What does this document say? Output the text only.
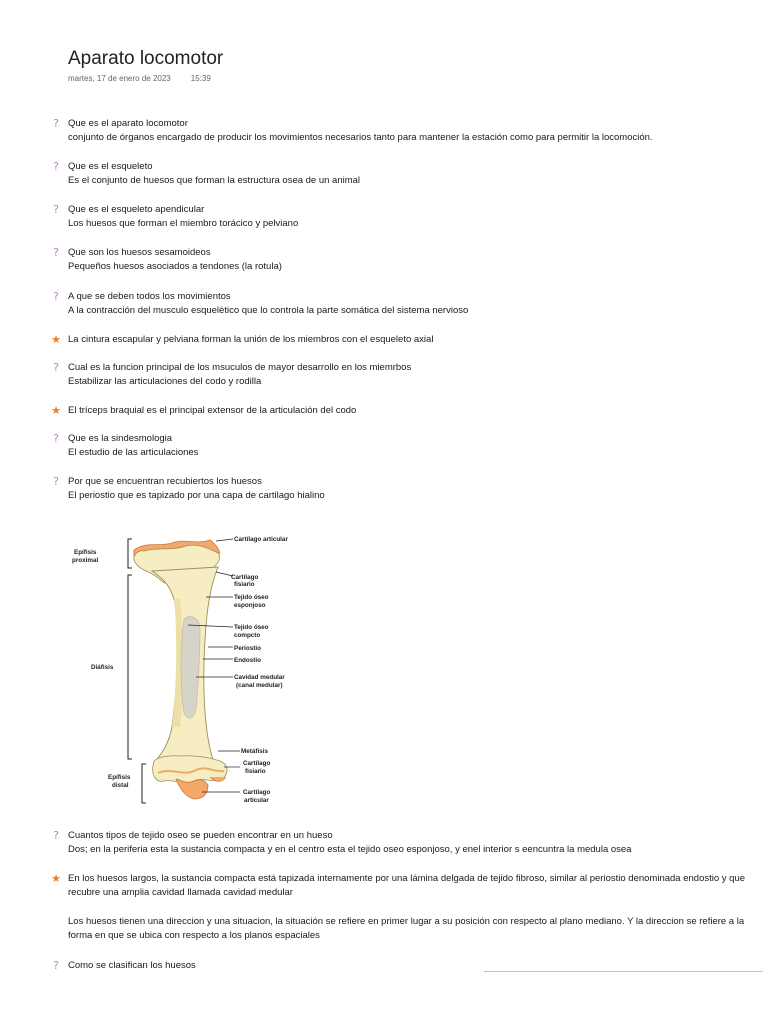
Aparato locomotor
martes, 17 de enero de 2023	15:39
? Que es el aparato locomotor
conjunto de órganos encargado de producir los movimientos necesarios tanto para mantener la estación como para permitir la locomoción.
? Que es el esqueleto
Es el conjunto de huesos que forman la estructura osea de un animal
? Que es el esqueleto apendicular
Los huesos que forman el miembro torácico y pelviano
? Que son los huesos sesamoideos
Pequeños huesos asociados a tendones (la rotula)
? A que se deben todos los movimientos
A la contracción del musculo esquelético que lo controla la parte somática del sistema nervioso
★ La cintura escapular y pelviana forman la unión de los miembros con el esqueleto axial
? Cual es la funcion principal de los msuculos de mayor desarrollo en los miemrbos
Estabilizar las articulaciones del codo y rodilla
★ El tríceps braquial es el principal extensor de la articulación del codo
? Que es la sindesmologia
El estudio de las articulaciones
? Por que se encuentran recubiertos los huesos
El periostio que es tapizado por una capa de cartilago hialino
Epífisis
proximal
Diáfisis
Epífisis
distal
Cartílago articular
Cartílago
fisiario
Tejido óseo
esponjoso
Tejido óseo
compcto
Periostio
Endostio
Cavidad medular
(canal medular)
Metáfisis
Cartílago
fisiario
Cartílago
articular
? Cuantos tipos de tejido oseo se pueden encontrar en un hueso
Dos; en la periferia esta la sustancia compacta y en el centro esta el tejido oseo esponjoso, y enel interior s eencuntra la medula osea
★ En los huesos largos, la sustancia compacta está tapizada internamente por una lámina delgada de tejido fibroso, similar al periostio denominada endostio y que recubre una amplia cavidad llamada cavidad medular
Los huesos tienen una direccion y una situacion, la situación se refiere en primer lugar a su posición con respecto al plano mediano. Y la direccion se refiere a la forma en que se ubica con respecto a los planos espaciales
? Como se clasifican los huesos
